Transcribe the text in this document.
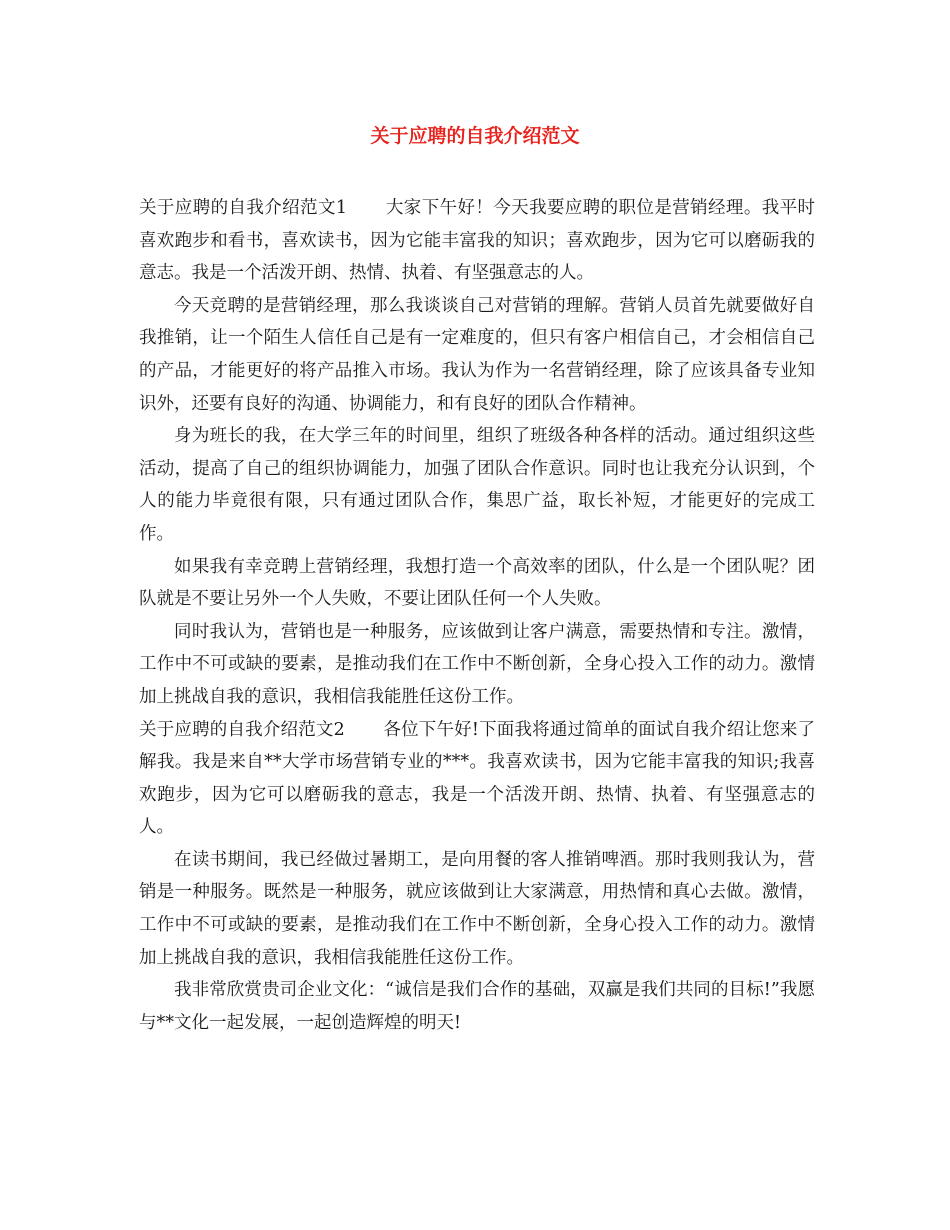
关于应聘的自我介绍范文

关于应聘的自我介绍范文1 大家下午好！今天我要应聘的职位是营销经理。我平时喜欢跑步和看书，喜欢读书，因为它能丰富我的知识；喜欢跑步，因为它可以磨砺我的意志。我是一个活泼开朗、热情、执着、有坚强意志的人。

今天竞聘的是营销经理，那么我谈谈自己对营销的理解。营销人员首先就要做好自我推销，让一个陌生人信任自己是有一定难度的，但只有客户相信自己，才会相信自己的产品，才能更好的将产品推入市场。我认为作为一名营销经理，除了应该具备专业知识外，还要有良好的沟通、协调能力，和有良好的团队合作精神。

身为班长的我，在大学三年的时间里，组织了班级各种各样的活动。通过组织这些活动，提高了自己的组织协调能力，加强了团队合作意识。同时也让我充分认识到，个人的能力毕竟很有限，只有通过团队合作，集思广益，取长补短，才能更好的完成工作。

如果我有幸竞聘上营销经理，我想打造一个高效率的团队，什么是一个团队呢？团队就是不要让另外一个人失败，不要让团队任何一个人失败。

同时我认为，营销也是一种服务，应该做到让客户满意，需要热情和专注。激情，工作中不可或缺的要素，是推动我们在工作中不断创新，全身心投入工作的动力。激情加上挑战自我的意识，我相信我能胜任这份工作。

关于应聘的自我介绍范文2 各位下午好!下面我将通过简单的面试自我介绍让您来了解我。我是来自**大学市场营销专业的***。我喜欢读书，因为它能丰富我的知识;我喜欢跑步，因为它可以磨砺我的意志，我是一个活泼开朗、热情、执着、有坚强意志的人。

在读书期间，我已经做过暑期工，是向用餐的客人推销啤酒。那时我则我认为，营销是一种服务。既然是一种服务，就应该做到让大家满意，用热情和真心去做。激情，工作中不可或缺的要素，是推动我们在工作中不断创新，全身心投入工作的动力。激情加上挑战自我的意识，我相信我能胜任这份工作。

我非常欣赏贵司企业文化：“诚信是我们合作的基础，双赢是我们共同的目标!”我愿与**文化一起发展，一起创造辉煌的明天!
